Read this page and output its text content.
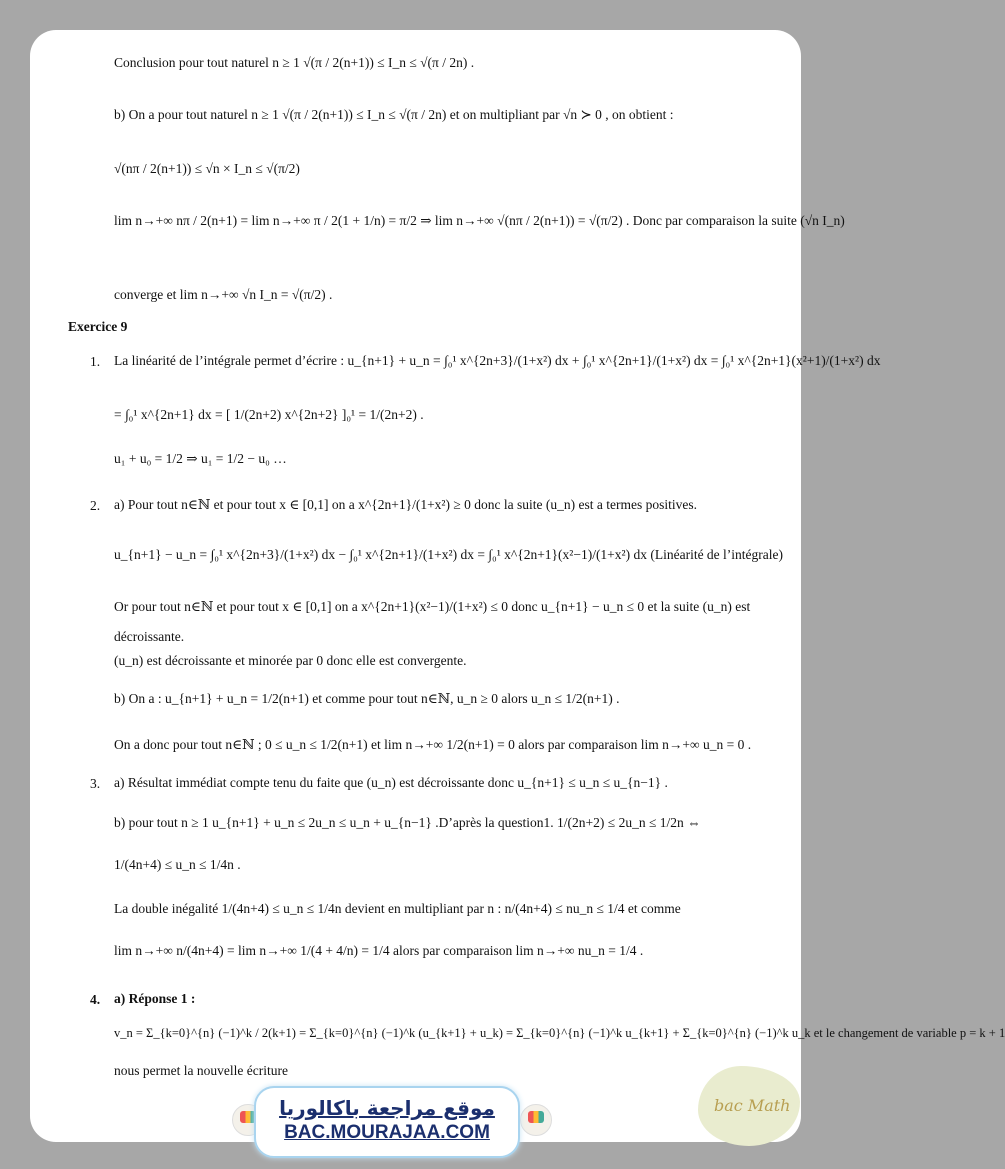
Conclusion pour tout naturel n ≥ 1 √(π / 2(n+1)) ≤ I_n ≤ √(π / 2n) .
b) On a pour tout naturel n ≥ 1 √(π / 2(n+1)) ≤ I_n ≤ √(π / 2n) et on multipliant par √n ≻ 0 , on obtient :
√(nπ / 2(n+1)) ≤ √n × I_n ≤ √(π/2)
lim n→+∞ nπ / 2(n+1) = lim n→+∞ π / 2(1 + 1/n) = π/2 ⇒ lim n→+∞ √(nπ / 2(n+1)) = √(π/2) . Donc par comparaison la suite (√n I_n)
converge et lim n→+∞ √n I_n = √(π/2) .
Exercice 9
1. La linéarité de l’intégrale permet d’écrire : u_{n+1} + u_n = ∫₀¹ x^{2n+3}/(1+x²) dx + ∫₀¹ x^{2n+1}/(1+x²) dx = ∫₀¹ x^{2n+1}(x²+1)/(1+x²) dx
= ∫₀¹ x^{2n+1} dx = [ 1/(2n+2) x^{2n+2} ]₀¹ = 1/(2n+2) .
u₁ + u₀ = 1/2 ⇒ u₁ = 1/2 − u₀ …
2. a) Pour tout n∈ℕ et pour tout x ∈ [0,1] on a x^{2n+1}/(1+x²) ≥ 0 donc la suite (u_n) est a termes positives.
u_{n+1} − u_n = ∫₀¹ x^{2n+3}/(1+x²) dx − ∫₀¹ x^{2n+1}/(1+x²) dx = ∫₀¹ x^{2n+1}(x²−1)/(1+x²) dx (Linéarité de l’intégrale)
Or pour tout n∈ℕ et pour tout x ∈ [0,1] on a x^{2n+1}(x²−1)/(1+x²) ≤ 0 donc u_{n+1} − u_n ≤ 0 et la suite (u_n) est
décroissante.
(u_n) est décroissante et minorée par 0 donc elle est convergente.
b) On a : u_{n+1} + u_n = 1/2(n+1) et comme pour tout n∈ℕ, u_n ≥ 0 alors u_n ≤ 1/2(n+1) .
On a donc pour tout n∈ℕ ; 0 ≤ u_n ≤ 1/2(n+1) et lim n→+∞ 1/2(n+1) = 0 alors par comparaison lim n→+∞ u_n = 0 .
3. a) Résultat immédiat compte tenu du faite que (u_n) est décroissante donc u_{n+1} ≤ u_n ≤ u_{n−1} .
b) pour tout n ≥ 1 u_{n+1} + u_n ≤ 2u_n ≤ u_n + u_{n−1} .D’après la question1. 1/(2n+2) ≤ 2u_n ≤ 1/2n ⇔
1/(4n+4) ≤ u_n ≤ 1/4n .
La double inégalité 1/(4n+4) ≤ u_n ≤ 1/4n devient en multipliant par n : n/(4n+4) ≤ nu_n ≤ 1/4 et comme
lim n→+∞ n/(4n+4) = lim n→+∞ 1/(4 + 4/n) = 1/4 alors par comparaison lim n→+∞ nu_n = 1/4 .
4. a) Réponse 1 :
v_n = Σ_{k=0}^{n} (−1)^k / 2(k+1) = Σ_{k=0}^{n} (−1)^k (u_{k+1} + u_k) = Σ_{k=0}^{n} (−1)^k u_{k+1} + Σ_{k=0}^{n} (−1)^k u_k et le changement de variable p = k + 1
nous permet la nouvelle écriture
موقع مراجعة باكالوريا
BAC.MOURAJAA.COM
bac Math
